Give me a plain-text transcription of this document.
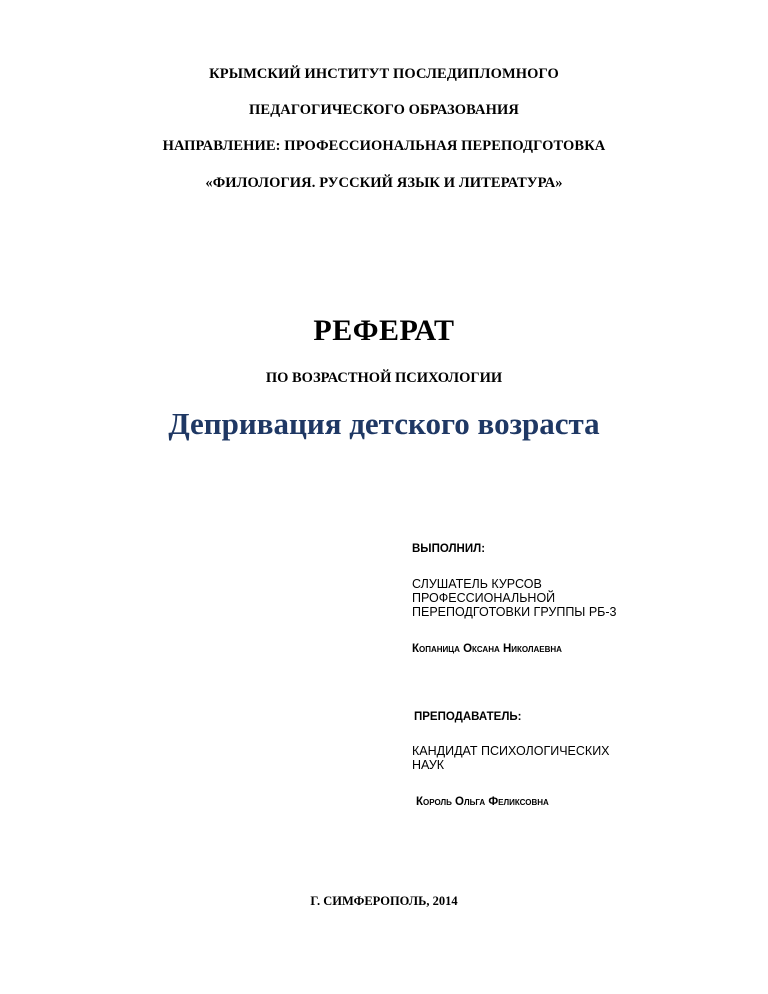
КРЫМСКИЙ ИНСТИТУТ ПОСЛЕДИПЛОМНОГО
ПЕДАГОГИЧЕСКОГО ОБРАЗОВАНИЯ
НАПРАВЛЕНИЕ: ПРОФЕССИОНАЛЬНАЯ ПЕРЕПОДГОТОВКА
«ФИЛОЛОГИЯ. РУССКИЙ ЯЗЫК И ЛИТЕРАТУРА»
РЕФЕРАТ
ПО ВОЗРАСТНОЙ ПСИХОЛОГИИ
Депривация детского возраста
ВЫПОЛНИЛ:
СЛУШАТЕЛЬ КУРСОВ
ПРОФЕССИОНАЛЬНОЙ
ПЕРЕПОДГОТОВКИ ГРУППЫ РБ-3
Копаница Оксана Николаевна
ПРЕПОДАВАТЕЛЬ:
КАНДИДАТ ПСИХОЛОГИЧЕСКИХ
НАУК
Король Ольга Феликсовна
Г. СИМФЕРОПОЛЬ, 2014
